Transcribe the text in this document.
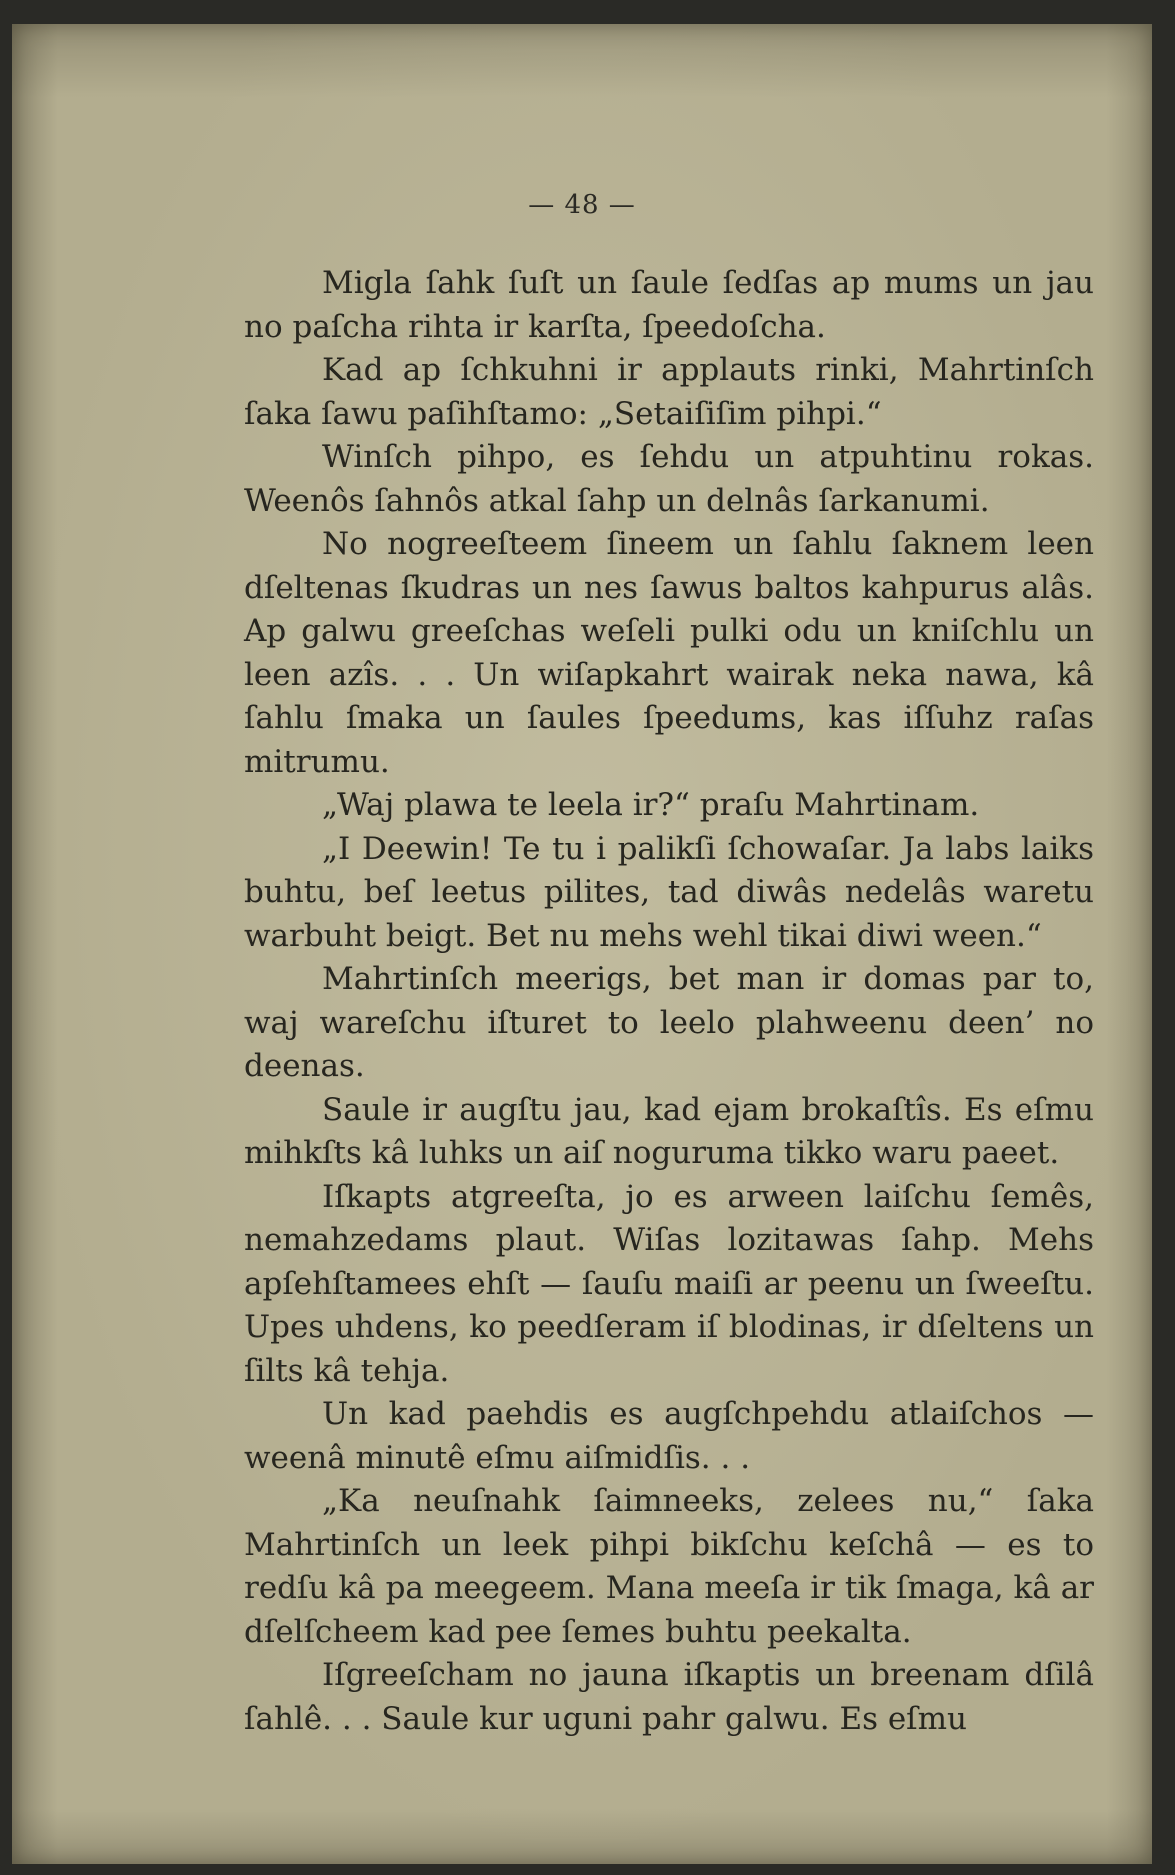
— 48 —

Migla ſahk ſuſt un ſaule ſedſas ap mums un jau no paſcha rihta ir karſta, ſpeedoſcha.

Kad ap ſchkuhni ir applauts rinki, Mahrtinſch ſaka ſawu paſihſtamo: „Setaiſiſim pihpi.“

Winſch pihpo, es ſehdu un atpuhtinu rokas. Weenôs ſahnôs atkal ſahp un delnâs ſarkanumi.

No nogreeſteem ſineem un ſahlu ſaknem leen dſeltenas ſkudras un nes ſawus baltos kahpurus alâs. Ap galwu greeſchas weſeli pulki odu un kniſchlu un leen azîs. . . Un wiſapkahrt wairak neka nawa, kâ ſahlu ſmaka un ſaules ſpeedums, kas iſſuhz raſas mitrumu.

„Waj plawa te leela ir?“ praſu Mahrtinam.

„I Deewin! Te tu i palikſi ſchowaſar. Ja labs laiks buhtu, beſ leetus pilites, tad diwâs nedelâs waretu warbuht beigt. Bet nu mehs wehl tikai diwi ween.“

Mahrtinſch meerigs, bet man ir domas par to, waj wareſchu iſturet to leelo plahweenu deen’ no deenas.

Saule ir augſtu jau, kad ejam brokaſtîs. Es eſmu mihkſts kâ luhks un aiſ noguruma tikko waru paeet.

Iſkapts atgreeſta, jo es arween laiſchu ſemês, nemahzedams plaut. Wiſas lozitawas ſahp. Mehs apſehſtamees ehſt — ſauſu maiſi ar peenu un ſweeſtu. Upes uhdens, ko peedſeram iſ blodinas, ir dſeltens un ſilts kâ tehja.

Un kad paehdis es augſchpehdu atlaiſchos — weenâ minutê eſmu aiſmidſis. . .

„Ka neuſnahk ſaimneeks, zelees nu,“ ſaka Mahrtinſch un leek pihpi bikſchu keſchâ — es to redſu kâ pa meegeem. Mana meeſa ir tik ſmaga, kâ ar dſelſcheem kad pee ſemes buhtu peekalta.

Iſgreeſcham no jauna iſkaptis un breenam dſilâ ſahlê. . . Saule kur uguni pahr galwu. Es eſmu
